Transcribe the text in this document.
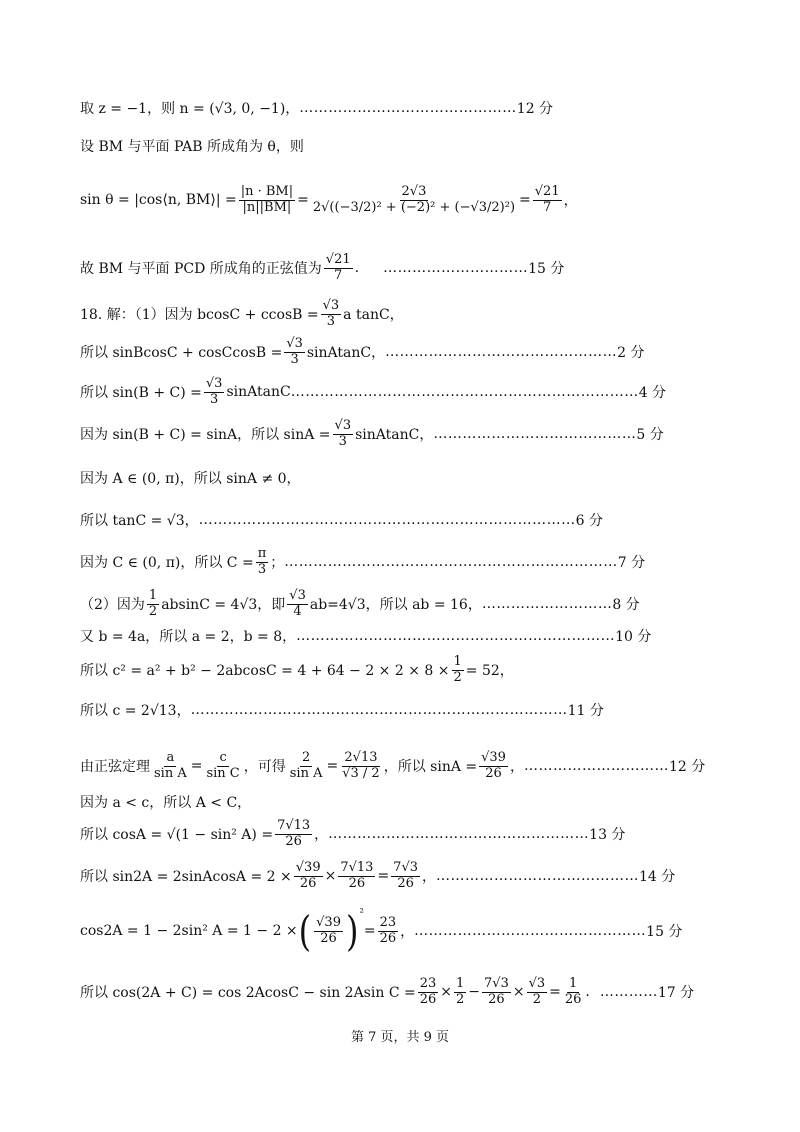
取 z = −1，则 n = (√3, 0, −1)， ……………………………………… 12 分
设 BM 与平面 PAB 所成角为 θ，则
sin θ = |cos⟨n, BM⟩| = $\frac{|n \cdot BM|}{|n||BM|} = \frac{2√3}{\text{2√((−3/2)² + (−2)² + (−√3/2)²)}} = \frac{√21}{7}$ ，
故 BM 与平面 PCD 所成角的正弦值为 $\frac{√21}{7}$ . ………………………… 15 分
18. 解：（1）因为 $bcosC + ccosB = \frac{√3}{3}$ a tanC，
所以 sinBcosC + cosCcosB = $\frac{√3}{3}$ sinAtanC， ………………………………………… 2 分
所以 $\sin(B + C) = \frac{√3}{3}$ sinAtanC ……………………………………………………………… 4 分
因为 sin(B + C) = sinA，所以 $\sin A = \frac{√3}{3}$ sinAtanC， …………………………………… 5 分
因为 A ∈ (0, π)，所以 sinA ≠ 0，
所以 tanC = √3， …………………………………………………………………… 6 分
因为 C ∈ (0, π)，所以 $C = \frac{\pi}{3}$ ； …………………………………………………………… 7 分
（2）因为 $\frac{1}{2}$ absinC = 4√3，即 $\frac{√3}{4} ab=4√3$，所以 ab = 16， ……………………… 8 分
又 b = 4a，所以 a = 2，b = 8， ………………………………………………………… 10 分
所以 $c^2 = a^2 + b^2 - 2abcosC = 4 + 64 - 2 \times 2 \times 8 \times \frac{1}{2} = 52$，
所以 c = 2√13， …………………………………………………………………… 11 分
由正弦定理 $\frac{a}{\text{sin A}} = \frac{c}{\text{sin C}}$ ，可得 $\frac{2}{\text{sin A}} = \frac{2√13}{√3 / 2}$ ，所以 $\sin A = \frac{√39}{26}$ ， ………………………… 12 分
因为 a < c，所以 A < C，
所以 cosA = √(1 − sin² $A) = \frac{7√13}{26}$ ， ……………………………………………… 13 分
所以 sin2A = 2sinAcosA = $2 \times \frac{√39}{26} \times \frac{7√13}{26} = \frac{7√3}{26}$ ， …………………………………… 14 分
cos2A = 1 − 2sin² A = 1 − 2 × ( $\frac{√39}{26}$ ) ²
= $\frac{23}{26}$ ， ………………………………………… 15 分
所以 cos(2A + C) = cos 2AcosC − sin 2Asin $C = \frac{23}{26} \times \frac{1}{2} - \frac{7√3}{26} \times \frac{√3}{2} = \frac{1}{26}$ . ………… 17 分
第 7 页，共 9 页
